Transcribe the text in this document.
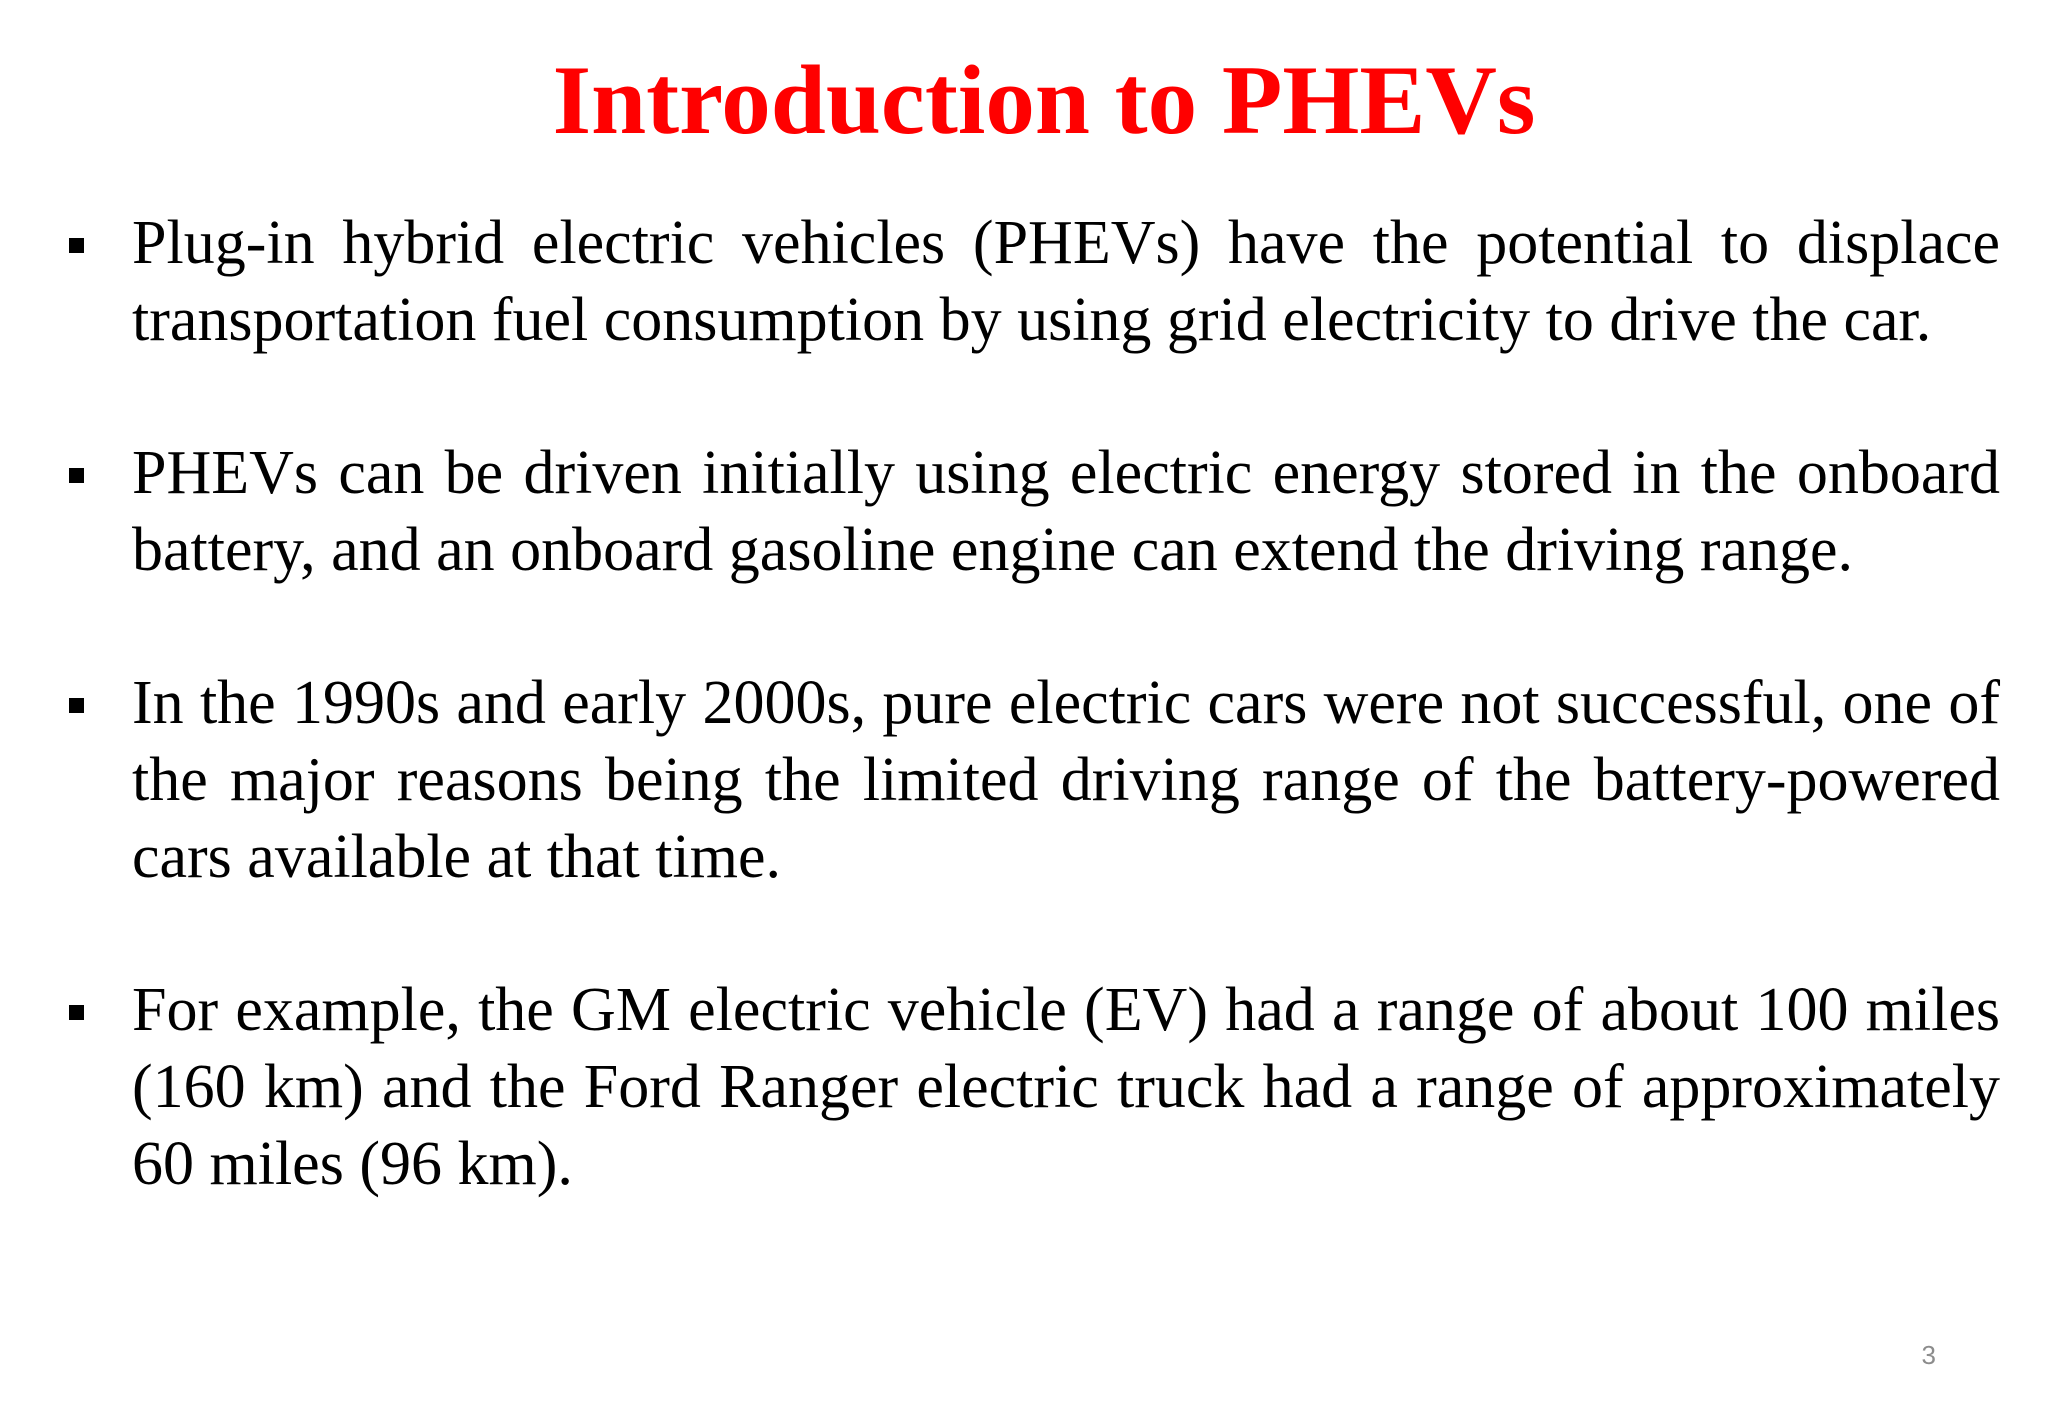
Introduction to PHEVs
Plug-in hybrid electric vehicles (PHEVs) have the potential to displace transportation fuel consumption by using grid electricity to drive the car.
PHEVs can be driven initially using electric energy stored in the onboard battery, and an onboard gasoline engine can extend the driving range.
In the 1990s and early 2000s, pure electric cars were not successful, one of the major reasons being the limited driving range of the battery-powered cars available at that time.
For example, the GM electric vehicle (EV) had a range of about 100 miles (160 km) and the Ford Ranger electric truck had a range of approximately 60 miles (96 km).
3
